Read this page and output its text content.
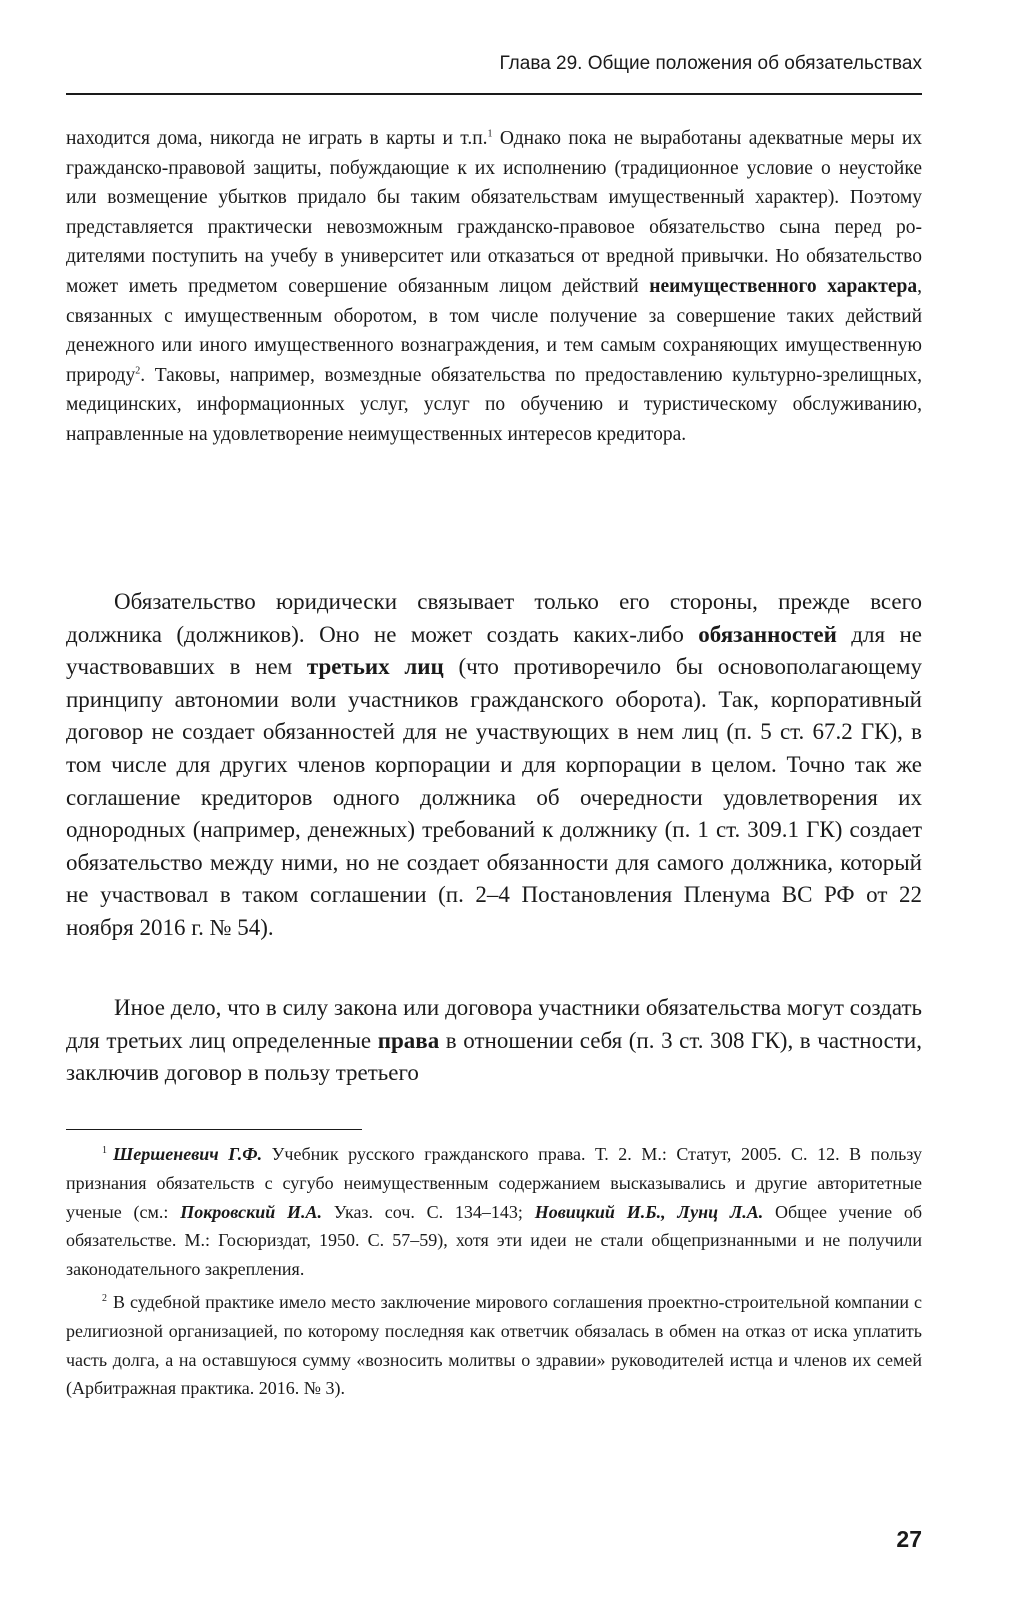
Глава 29. Общие положения об обязательствах

находится дома, никогда не играть в карты и т.п.$^1$ Однако пока не выработаны адекватные меры их гражданско-правовой защиты, побуждающие к их исполнению (традиционное условие о неустойке или возмещение убытков придало бы таким обязательствам имущественный характер). Поэтому представляется практически невозможным гражданско-правовое обязательство сына перед родителями поступить на учебу в университет или отказаться от вредной привычки. Но обязательство может иметь предметом совершение обязанным лицом действий неимущественного характера, связанных с имущественным оборотом, в том числе получение за совершение таких действий денежного или иного имущественного вознаграждения, и тем самым сохраняющих имущественную природу$^2$. Таковы, например, возмездные обязательства по предоставлению культурно-зрелищных, медицинских, информационных услуг, услуг по обучению и туристическому обслуживанию, направленные на удовлетворение неимущественных интересов кредитора.

Обязательство юридически связывает только его стороны, прежде всего должника (должников). Оно не может создать каких-либо обязанностей для не участвовавших в нем третьих лиц (что противоречило бы основополагающему принципу автономии воли участников гражданского оборота). Так, корпоративный договор не создает обязанностей для не участвующих в нем лиц (п. 5 ст. 67.2 ГК), в том числе для других членов корпорации и для корпорации в целом. Точно так же соглашение кредиторов одного должника об очередности удовлетворения их однородных (например, денежных) требований к должнику (п. 1 ст. 309.1 ГК) создает обязательство между ними, но не создает обязанности для самого должника, который не участвовал в таком соглашении (п. 2–4 Постановления Пленума ВС РФ от 22 ноября 2016 г. № 54).

Иное дело, что в силу закона или договора участники обязательства могут создать для третьих лиц определенные права в отношении себя (п. 3 ст. 308 ГК), в частности, заключив договор в пользу третьего

$^1$ Шершеневич Г.Ф. Учебник русского гражданского права. Т. 2. М.: Статут, 2005. С. 12. В пользу признания обязательств с сугубо неимущественным содержанием высказывались и другие авторитетные ученые (см.: Покровский И.А. Указ. соч. С. 134–143; Новицкий И.Б., Лунц Л.А. Общее учение об обязательстве. М.: Госюриздат, 1950. С. 57–59), хотя эти идеи не стали общепризнанными и не получили законодательного закрепления.

$^2$ В судебной практике имело место заключение мирового соглашения проектно-строительной компании с религиозной организацией, по которому последняя как ответчик обязалась в обмен на отказ от иска уплатить часть долга, а на оставшуюся сумму «возносить молитвы о здравии» руководителей истца и членов их семей (Арбитражная практика. 2016. № 3).

27
